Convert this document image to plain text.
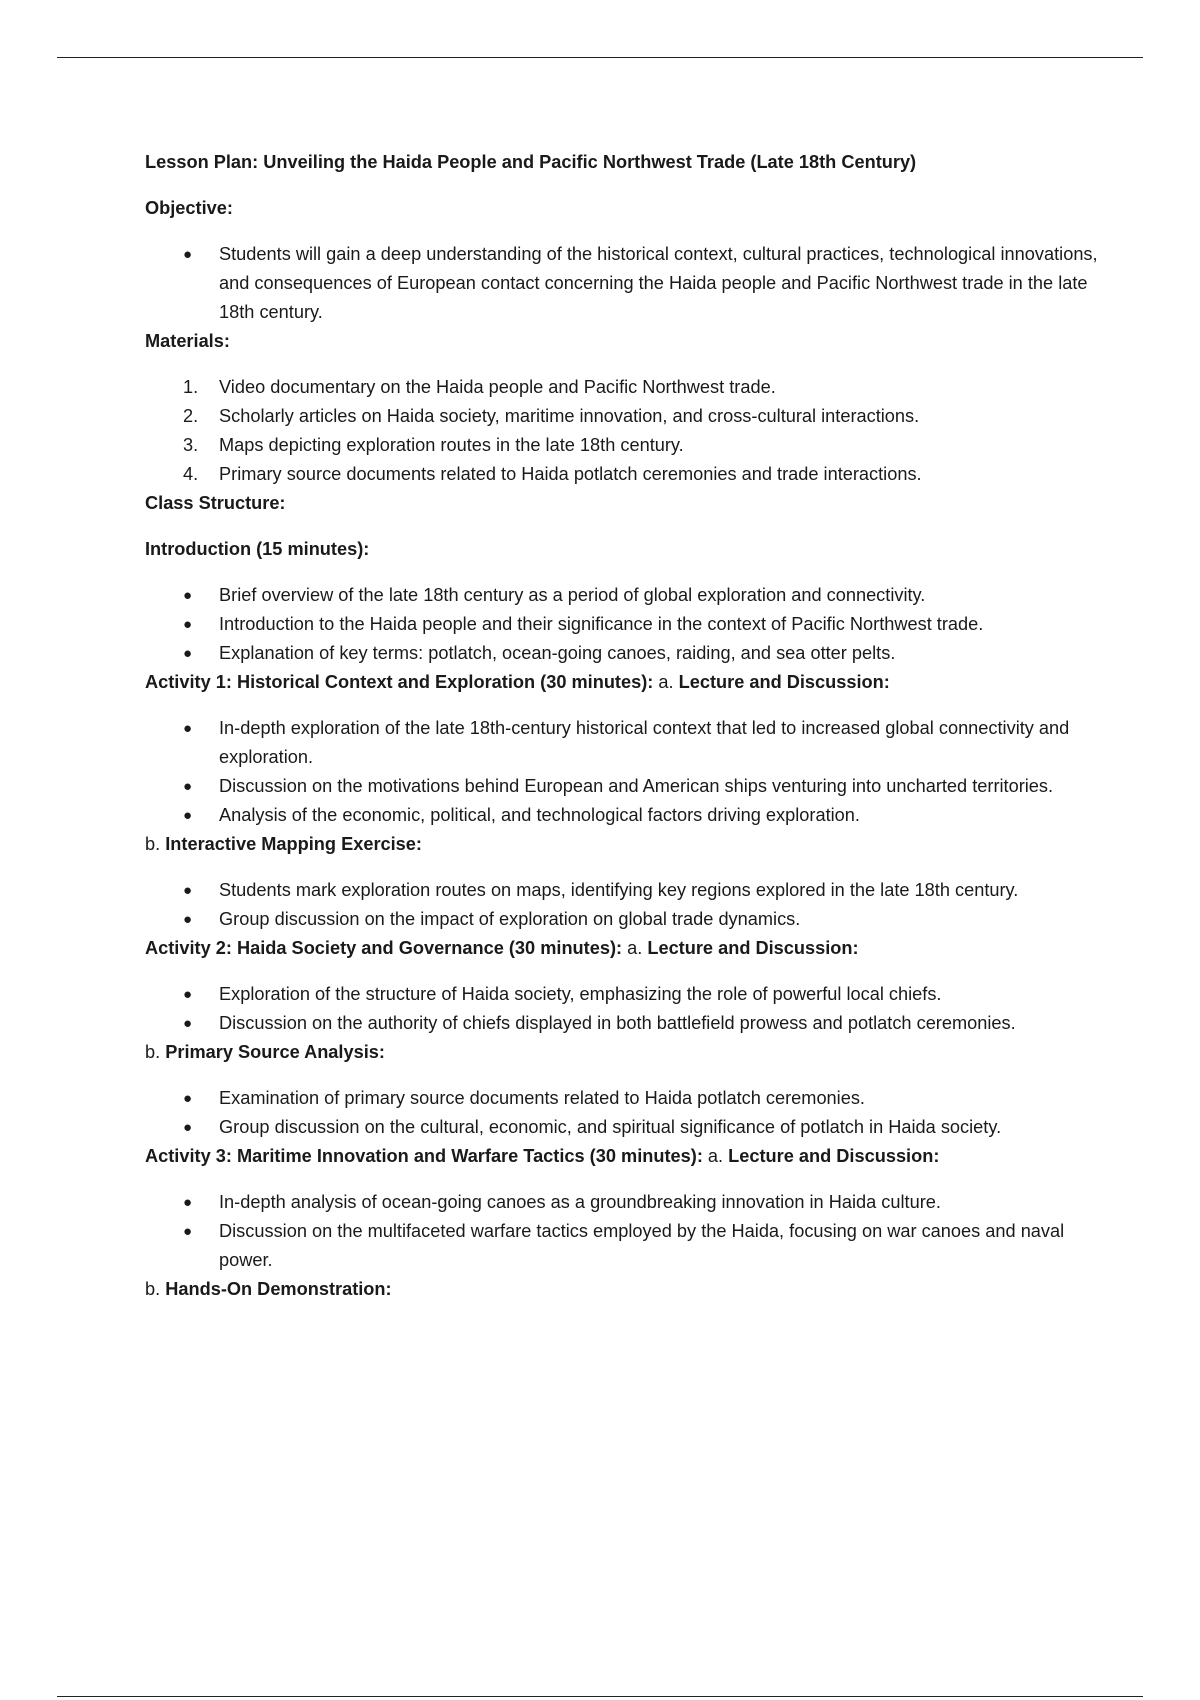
Lesson Plan: Unveiling the Haida People and Pacific Northwest Trade (Late 18th Century)

Objective:

● Students will gain a deep understanding of the historical context, cultural practices, technological innovations, and consequences of European contact concerning the Haida people and Pacific Northwest trade in the late 18th century.

Materials:

1. Video documentary on the Haida people and Pacific Northwest trade.
2. Scholarly articles on Haida society, maritime innovation, and cross-cultural interactions.
3. Maps depicting exploration routes in the late 18th century.
4. Primary source documents related to Haida potlatch ceremonies and trade interactions.

Class Structure:

Introduction (15 minutes):

● Brief overview of the late 18th century as a period of global exploration and connectivity.
● Introduction to the Haida people and their significance in the context of Pacific Northwest trade.
● Explanation of key terms: potlatch, ocean-going canoes, raiding, and sea otter pelts.

Activity 1: Historical Context and Exploration (30 minutes): a. Lecture and Discussion:

● In-depth exploration of the late 18th-century historical context that led to increased global connectivity and exploration.
● Discussion on the motivations behind European and American ships venturing into uncharted territories.
● Analysis of the economic, political, and technological factors driving exploration.

b. Interactive Mapping Exercise:

● Students mark exploration routes on maps, identifying key regions explored in the late 18th century.
● Group discussion on the impact of exploration on global trade dynamics.

Activity 2: Haida Society and Governance (30 minutes): a. Lecture and Discussion:

● Exploration of the structure of Haida society, emphasizing the role of powerful local chiefs.
● Discussion on the authority of chiefs displayed in both battlefield prowess and potlatch ceremonies.

b. Primary Source Analysis:

● Examination of primary source documents related to Haida potlatch ceremonies.
● Group discussion on the cultural, economic, and spiritual significance of potlatch in Haida society.

Activity 3: Maritime Innovation and Warfare Tactics (30 minutes): a. Lecture and Discussion:

● In-depth analysis of ocean-going canoes as a groundbreaking innovation in Haida culture.
● Discussion on the multifaceted warfare tactics employed by the Haida, focusing on war canoes and naval power.

b. Hands-On Demonstration:
